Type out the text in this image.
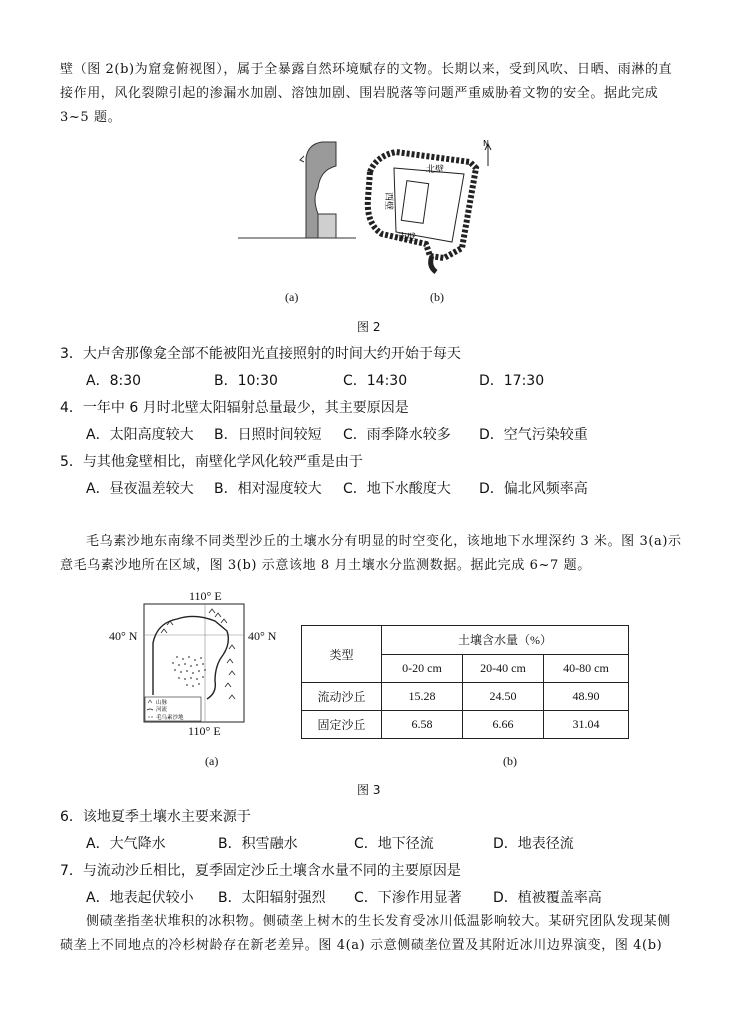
壁（图 2(b)为窟龛俯视图），属于全暴露自然环境赋存的文物。长期以来，受到风吹、日晒、雨淋的直接作用，风化裂隙引起的渗漏水加剧、溶蚀加剧、围岩脱落等问题严重威胁着文物的安全。据此完成 3~5 题。
北壁
西壁
南壁
N
(a)	(b)
图 2
3．大卢舍那像龛全部不能被阳光直接照射的时间大约开始于每天
A．8:30	B．10:30	C．14:30	D．17:30
4．一年中 6 月时北壁太阳辐射总量最少，其主要原因是
A．太阳高度较大 B．日照时间较短 C．雨季降水较多 D．空气污染较重
5．与其他龛壁相比，南壁化学风化较严重是由于
A．昼夜温差较大 B．相对湿度较大 C．地下水酸度大 D．偏北风频率高
毛乌素沙地东南缘不同类型沙丘的土壤水分有明显的时空变化，该地地下水埋深约 3 米。图 3(a)示意毛乌素沙地所在区域，图 3(b) 示意该地 8 月土壤水分监测数据。据此完成 6~7 题。
110° E
40° N	40° N
110° E
山脉
河流
毛乌素沙地
类型	土壤含水量（%）		
	0-20 cm	20-40 cm	40-80 cm
流动沙丘	15.28	24.50	48.90
固定沙丘	6.58	6.66	31.04
(a)	(b)
图 3
6．该地夏季土壤水主要来源于
A．大气降水	B．积雪融水	C．地下径流	D．地表径流
7．与流动沙丘相比，夏季固定沙丘土壤含水量不同的主要原因是
A．地表起伏较小 B．太阳辐射强烈 C．下渗作用显著 D．植被覆盖率高
侧碛垄指垄状堆积的冰积物。侧碛垄上树木的生长发育受冰川低温影响较大。某研究团队发现某侧碛垄上不同地点的冷杉树龄存在新老差异。图 4(a) 示意侧碛垄位置及其附近冰川边界演变，图 4(b)
